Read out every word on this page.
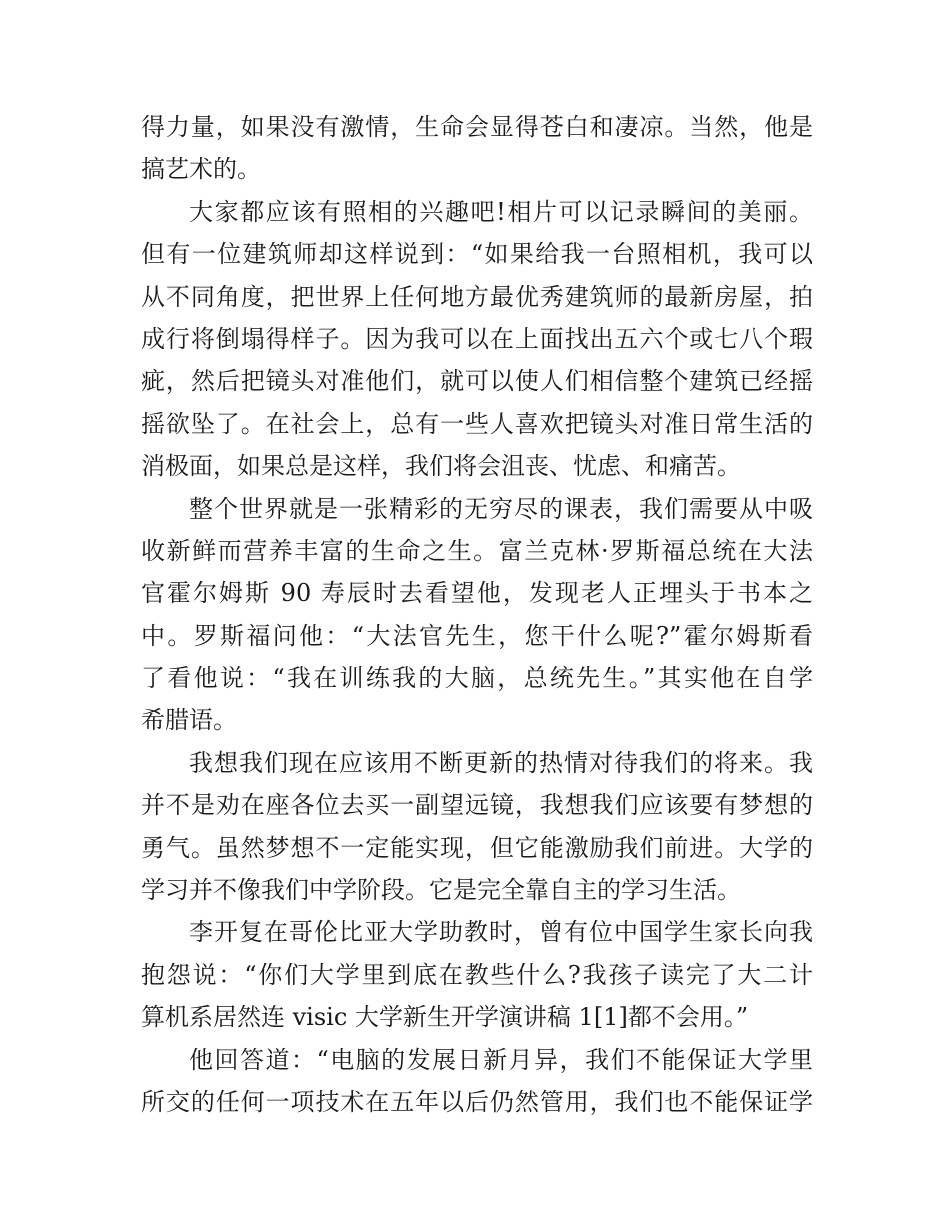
得力量，如果没有激情，生命会显得苍白和凄凉。当然，他是
搞艺术的。
大家都应该有照相的兴趣吧!相片可以记录瞬间的美丽。
但有一位建筑师却这样说到：“如果给我一台照相机，我可以
从不同角度，把世界上任何地方最优秀建筑师的最新房屋，拍
成行将倒塌得样子。因为我可以在上面找出五六个或七八个瑕
疵，然后把镜头对准他们，就可以使人们相信整个建筑已经摇
摇欲坠了。在社会上，总有一些人喜欢把镜头对准日常生活的
消极面，如果总是这样，我们将会沮丧、忧虑、和痛苦。
整个世界就是一张精彩的无穷尽的课表，我们需要从中吸
收新鲜而营养丰富的生命之生。富兰克林·罗斯福总统在大法
官霍尔姆斯 90 寿辰时去看望他，发现老人正埋头于书本之
中。罗斯福问他：“大法官先生，您干什么呢?”霍尔姆斯看
了看他说：“我在训练我的大脑，总统先生。”其实他在自学
希腊语。
我想我们现在应该用不断更新的热情对待我们的将来。我
并不是劝在座各位去买一副望远镜，我想我们应该要有梦想的
勇气。虽然梦想不一定能实现，但它能激励我们前进。大学的
学习并不像我们中学阶段。它是完全靠自主的学习生活。
李开复在哥伦比亚大学助教时，曾有位中国学生家长向我
抱怨说：“你们大学里到底在教些什么?我孩子读完了大二计
算机系居然连 visic 大学新生开学演讲稿 1[1]都不会用。”
他回答道：“电脑的发展日新月异，我们不能保证大学里
所交的任何一项技术在五年以后仍然管用，我们也不能保证学
